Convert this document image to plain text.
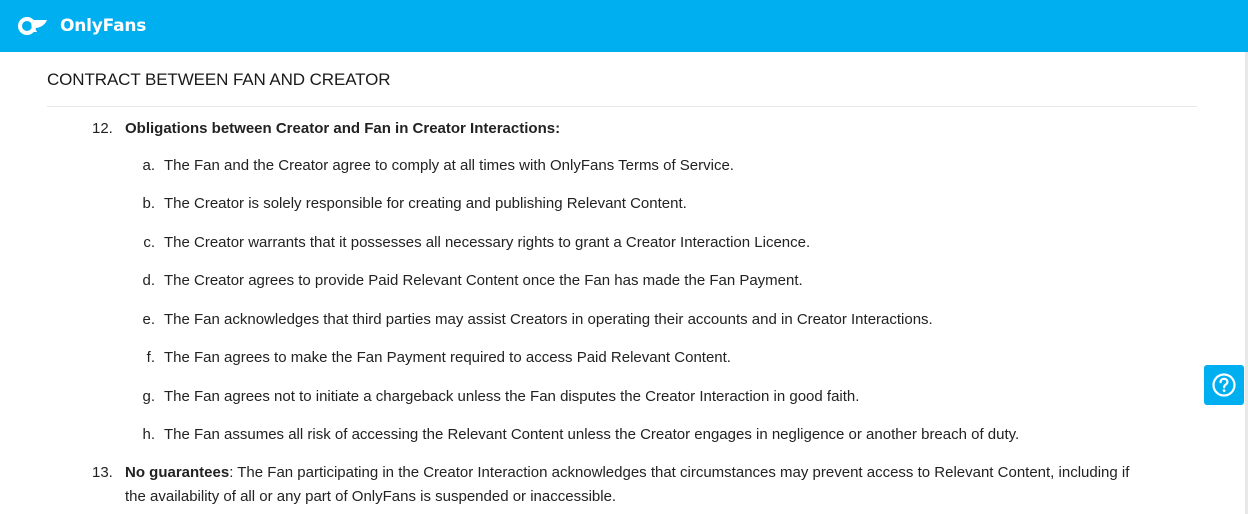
OnlyFans
CONTRACT BETWEEN FAN AND CREATOR
12. Obligations between Creator and Fan in Creator Interactions:
a. The Fan and the Creator agree to comply at all times with OnlyFans Terms of Service.
b. The Creator is solely responsible for creating and publishing Relevant Content.
c. The Creator warrants that it possesses all necessary rights to grant a Creator Interaction Licence.
d. The Creator agrees to provide Paid Relevant Content once the Fan has made the Fan Payment.
e. The Fan acknowledges that third parties may assist Creators in operating their accounts and in Creator Interactions.
f. The Fan agrees to make the Fan Payment required to access Paid Relevant Content.
g. The Fan agrees not to initiate a chargeback unless the Fan disputes the Creator Interaction in good faith.
h. The Fan assumes all risk of accessing the Relevant Content unless the Creator engages in negligence or another breach of duty.
13. No guarantees: The Fan participating in the Creator Interaction acknowledges that circumstances may prevent access to Relevant Content, including if
the availability of all or any part of OnlyFans is suspended or inaccessible.
